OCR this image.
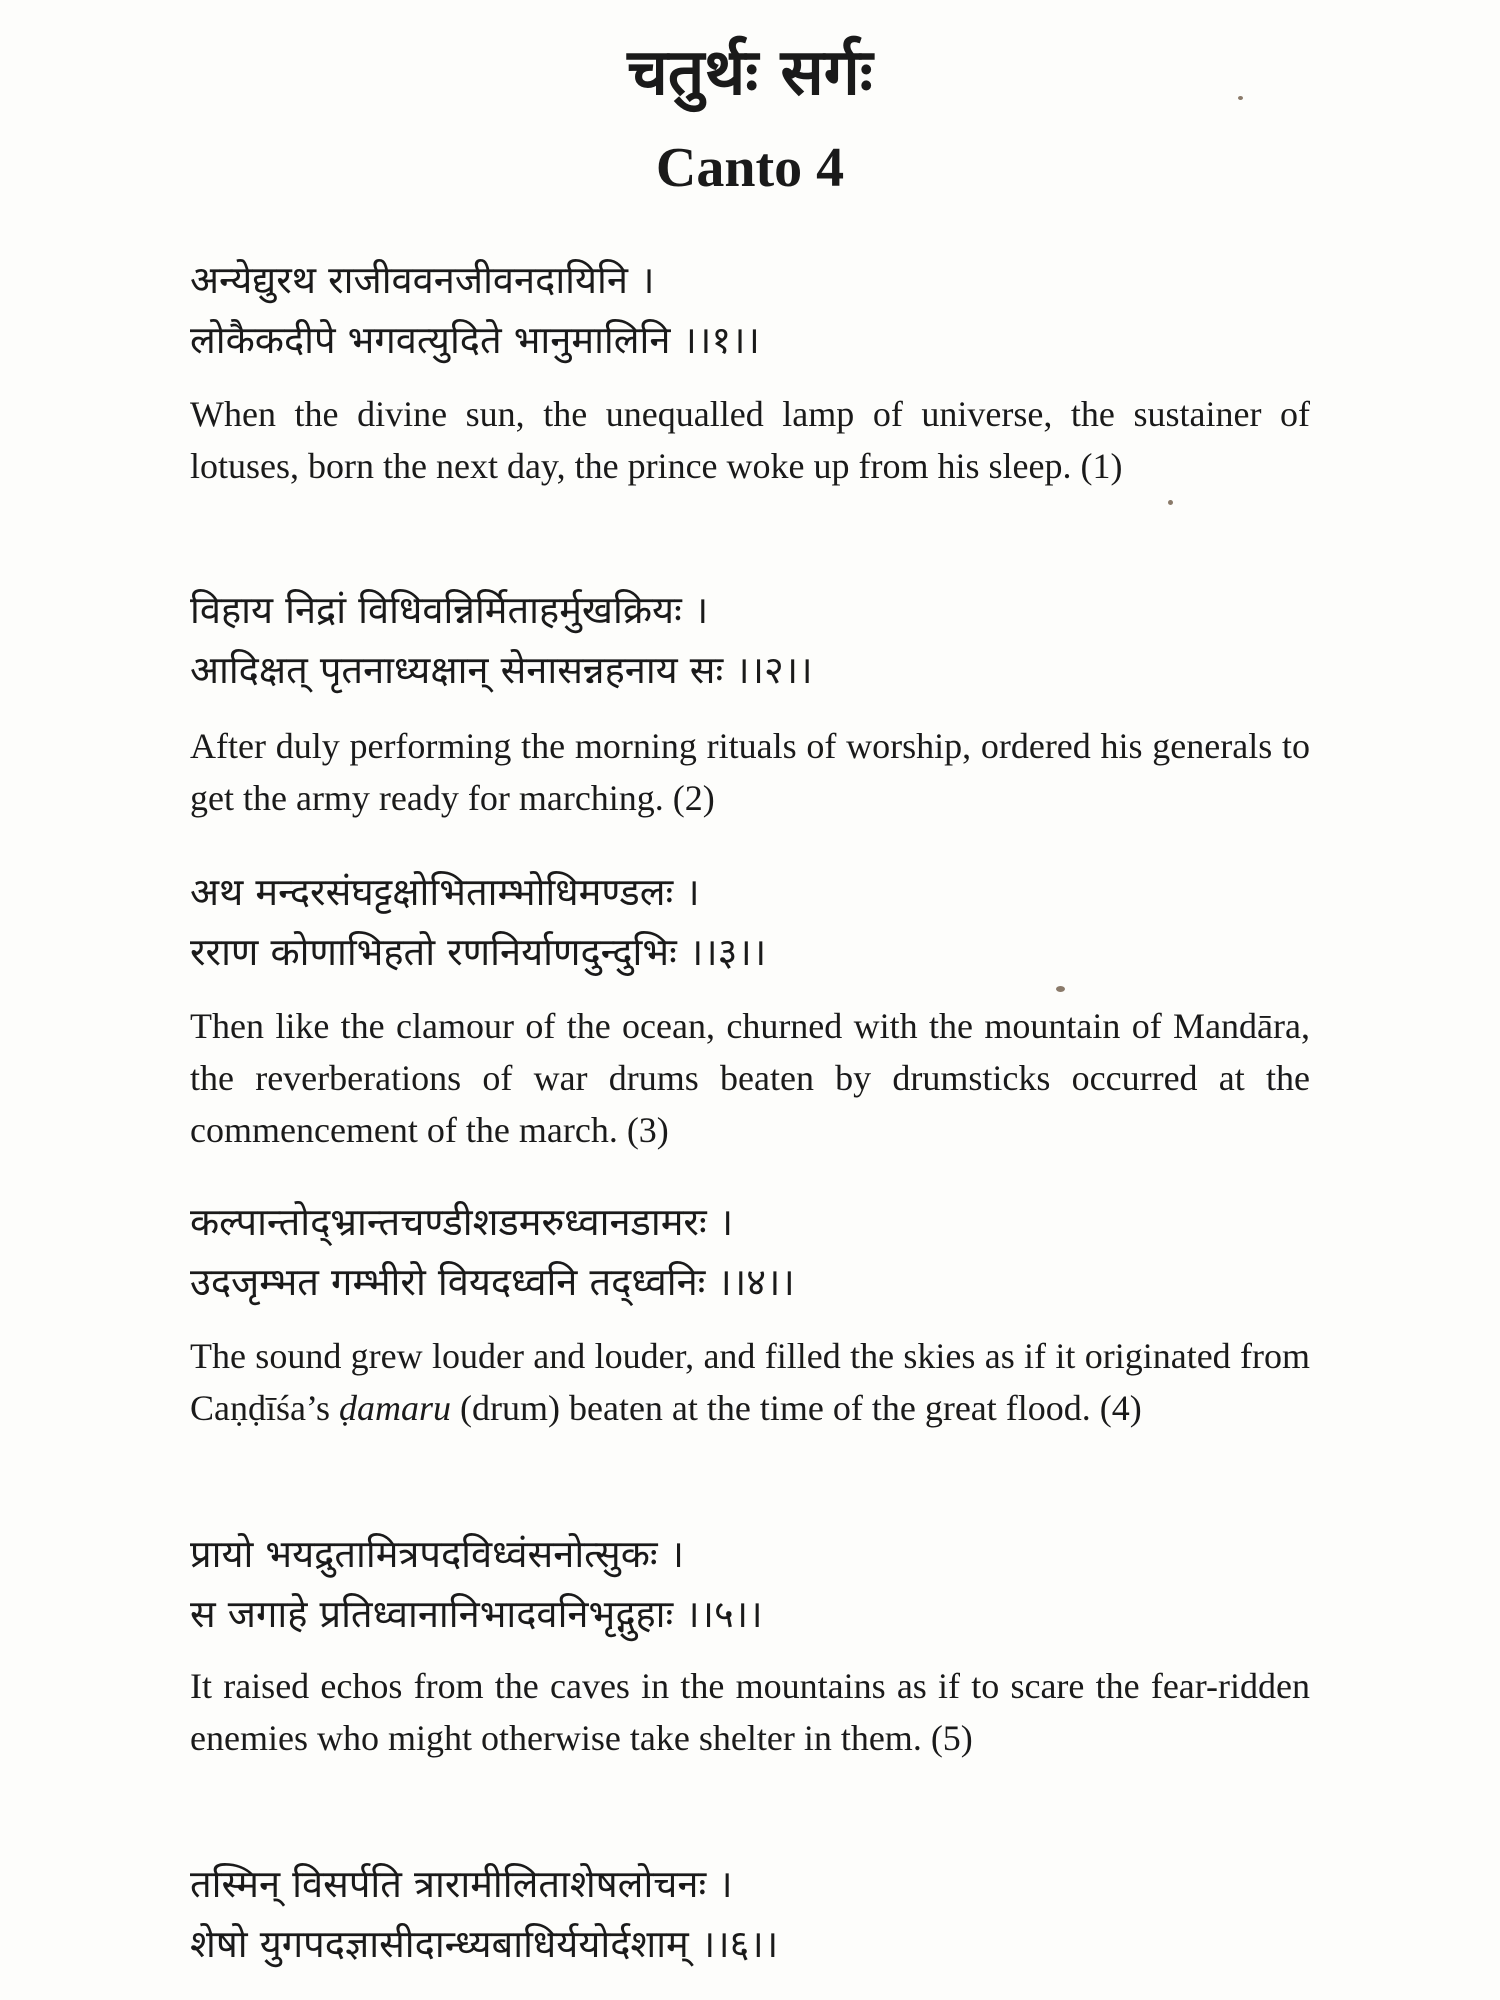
चतुर्थः सर्गः
Canto 4
अन्येद्युरथ राजीववनजीवनदायिनि ।
लोकैकदीपे भगवत्युदिते भानुमालिनि ।।१।।
When the divine sun, the unequalled lamp of universe, the sustainer of lotuses, born the next day, the prince woke up from his sleep. (1)
विहाय निद्रां विधिवन्निर्मिताहर्मुखक्रियः ।
आदिक्षत् पृतनाध्यक्षान् सेनासन्नहनाय सः ।।२।।
After duly performing the morning rituals of worship, ordered his generals to get the army ready for marching. (2)
अथ मन्दरसंघट्टक्षोभिताम्भोधिमण्डलः ।
रराण कोणाभिहतो रणनिर्याणदुन्दुभिः ।।३।।
Then like the clamour of the ocean, churned with the mountain of Mandāra, the reverberations of war drums beaten by drumsticks occurred at the commencement of the march. (3)
कल्पान्तोद्भ्रान्तचण्डीशडमरुध्वानडामरः ।
उदजृम्भत गम्भीरो वियदध्वनि तद्ध्वनिः ।।४।।
The sound grew louder and louder, and filled the skies as if it originated from Caṇḍīśa’s ḍamaru (drum) beaten at the time of the great flood. (4)
प्रायो भयद्रुतामित्रपदविध्वंसनोत्सुकः ।
स जगाहे प्रतिध्वानानिभादवनिभृद्गुहाः ।।५।।
It raised echos from the caves in the mountains as if to scare the fear-ridden enemies who might otherwise take shelter in them. (5)
तस्मिन् विसर्पति त्रारामीलिताशेषलोचनः ।
शेषो युगपदज्ञासीदान्ध्यबाधिर्ययोर्दशाम् ।।६।।
